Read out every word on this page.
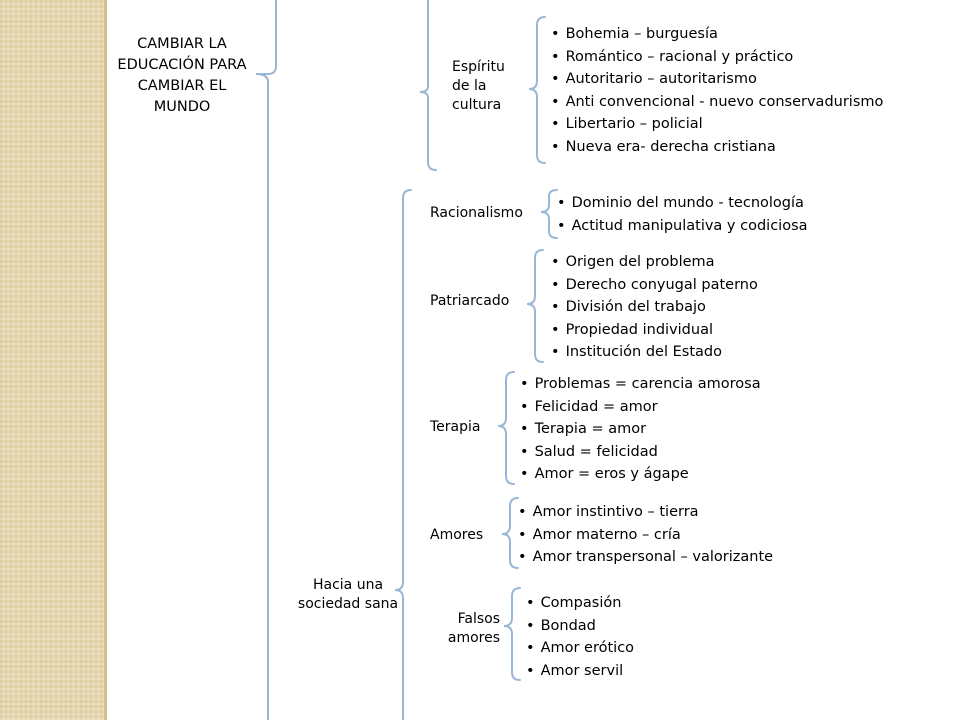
CAMBIAR LA EDUCACIÓN PARA CAMBIAR EL MUNDO
Hacia una sociedad sana
Espíritu de la cultura
Racionalismo
Patriarcado
Terapia
Amores
Falsos amores
• Bohemia – burguesía
• Romántico – racional y práctico
• Autoritario – autoritarismo
• Anti convencional - nuevo conservadurismo
• Libertario – policial
• Nueva era- derecha cristiana
• Dominio del mundo - tecnología
• Actitud manipulativa y codiciosa
• Origen del problema
• Derecho conyugal paterno
• División del trabajo
• Propiedad individual
• Institución del Estado
• Problemas = carencia amorosa
• Felicidad = amor
• Terapia = amor
• Salud = felicidad
• Amor = eros y ágape
• Amor instintivo – tierra
• Amor materno – cría
• Amor transpersonal – valorizante
• Compasión
• Bondad
• Amor erótico
• Amor servil
